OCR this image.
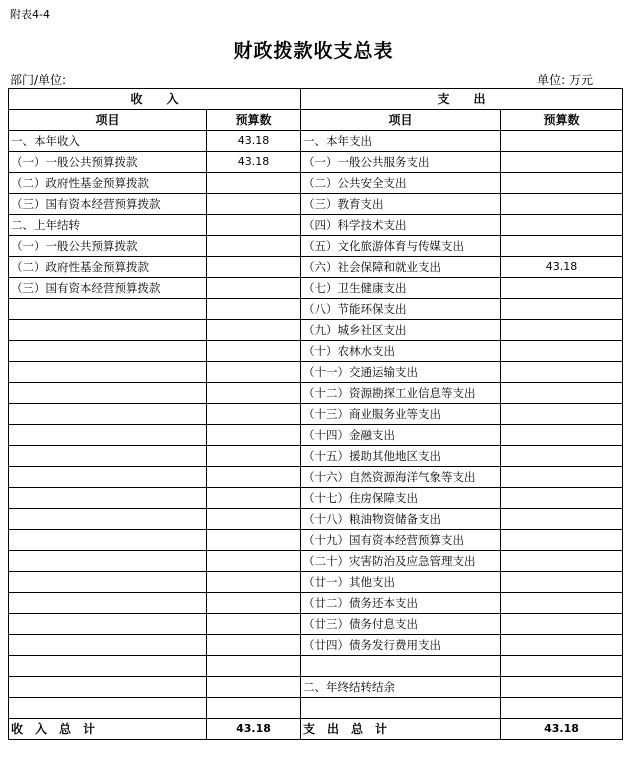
附表4-4
财政拨款收支总表
部门/单位:	单位: 万元
收　　入		支　　出	
项目	预算数	项目	预算数
一、本年收入	43.18	一、本年支出	
（一）一般公共预算拨款	43.18	（一）一般公共服务支出	
（二）政府性基金预算拨款		（二）公共安全支出	
（三）国有资本经营预算拨款		（三）教育支出	
二、上年结转		（四）科学技术支出	
（一）一般公共预算拨款		（五）文化旅游体育与传媒支出	
（二）政府性基金预算拨款		（六）社会保障和就业支出	43.18
（三）国有资本经营预算拨款		（七）卫生健康支出	
		（八）节能环保支出	
		（九）城乡社区支出	
		（十）农林水支出	
		（十一）交通运输支出	
		（十二）资源勘探工业信息等支出	
		（十三）商业服务业等支出	
		（十四）金融支出	
		（十五）援助其他地区支出	
		（十六）自然资源海洋气象等支出	
		（十七）住房保障支出	
		（十八）粮油物资储备支出	
		（十九）国有资本经营预算支出	
		（二十）灾害防治及应急管理支出	
		（廿一）其他支出	
		（廿二）债务还本支出	
		（廿三）债务付息支出	
		（廿四）债务发行费用支出	

		二、年终结转结余	

收　入　总　计	43.18	支　出　总　计	43.18
